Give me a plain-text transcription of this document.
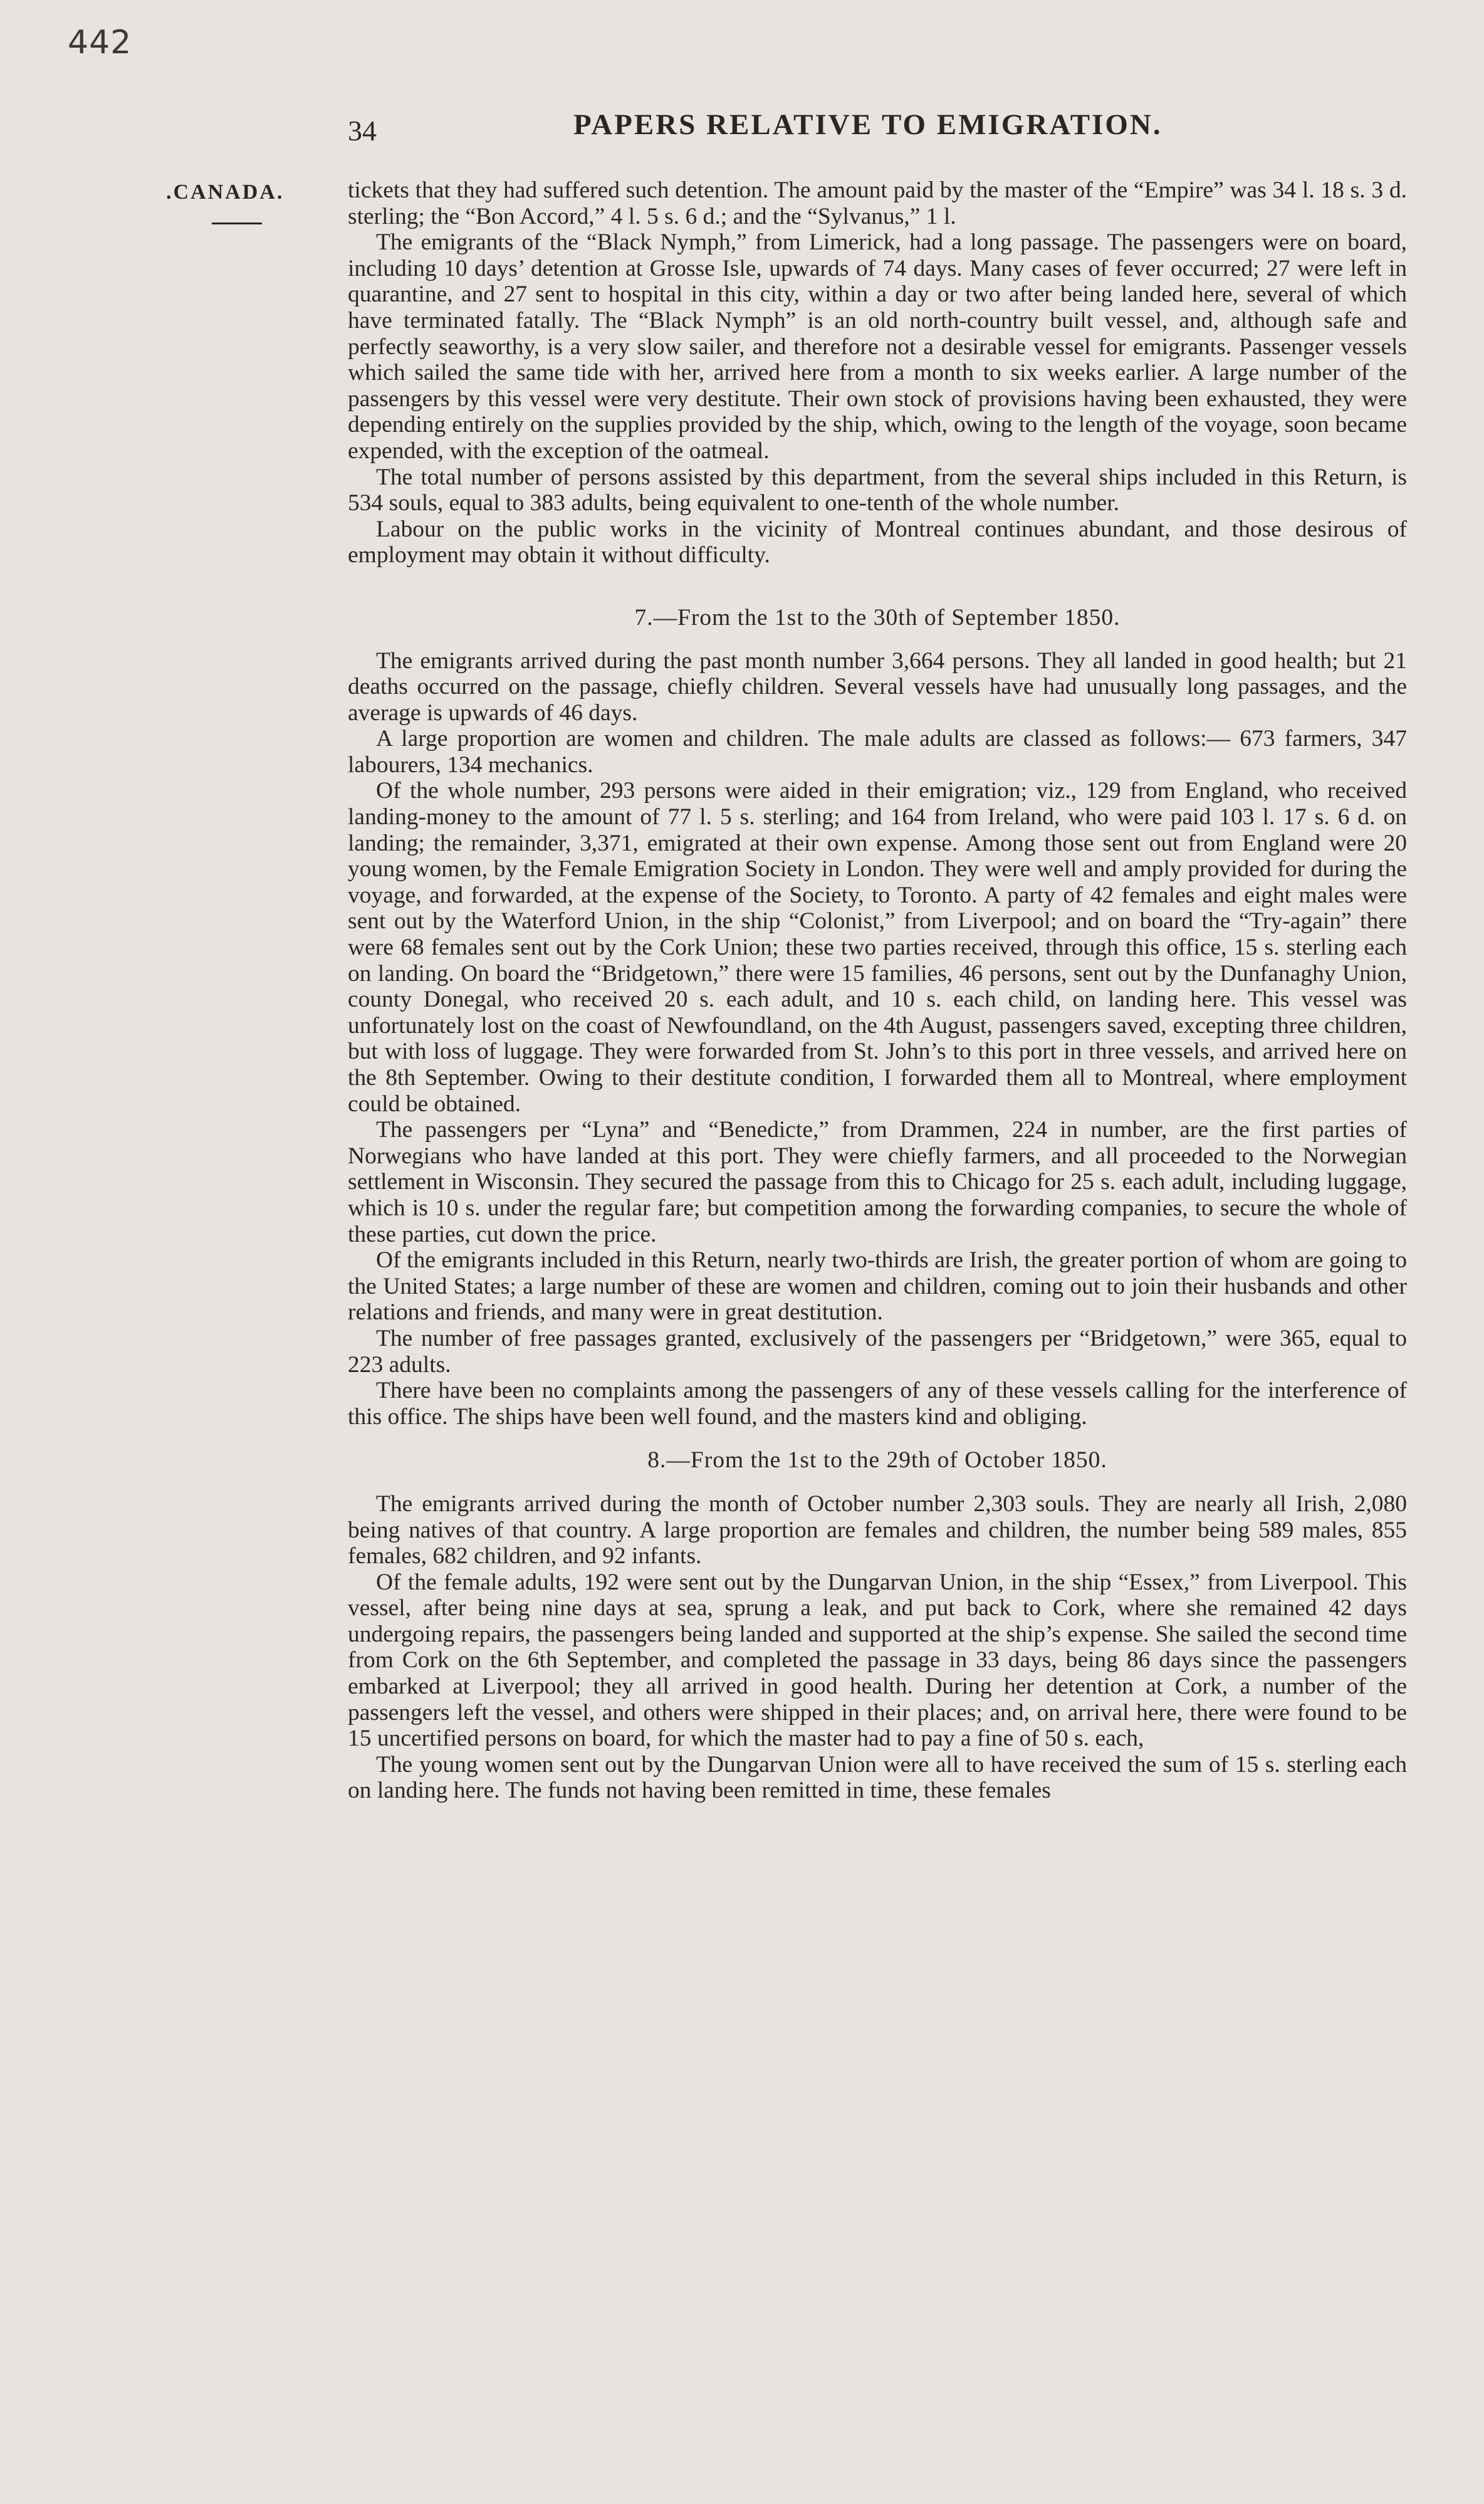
442
34	PAPERS RELATIVE TO EMIGRATION.
.CANADA.	tickets that they had suffered such detention. The amount paid by the master of the “Empire” was 34 l. 18 s. 3 d. sterling; the “Bon Accord,” 4 l. 5 s. 6 d.; and the “Sylvanus,” 1 l.

The emigrants of the “Black Nymph,” from Limerick, had a long passage. The passengers were on board, including 10 days’ detention at Grosse Isle, upwards of 74 days. Many cases of fever occurred; 27 were left in quarantine, and 27 sent to hospital in this city, within a day or two after being landed here, several of which have terminated fatally. The “Black Nymph” is an old north-country built vessel, and, although safe and perfectly seaworthy, is a very slow sailer, and therefore not a desirable vessel for emigrants. Passenger vessels which sailed the same tide with her, arrived here from a month to six weeks earlier. A large number of the passengers by this vessel were very destitute. Their own stock of provisions having been exhausted, they were depending entirely on the supplies provided by the ship, which, owing to the length of the voyage, soon became expended, with the exception of the oatmeal.

The total number of persons assisted by this department, from the several ships included in this Return, is 534 souls, equal to 383 adults, being equivalent to one-tenth of the whole number.

Labour on the public works in the vicinity of Montreal continues abundant, and those desirous of employment may obtain it without difficulty.

7.—From the 1st to the 30th of September 1850.

The emigrants arrived during the past month number 3,664 persons. They all landed in good health; but 21 deaths occurred on the passage, chiefly children. Several vessels have had unusually long passages, and the average is upwards of 46 days.

A large proportion are women and children. The male adults are classed as follows:— 673 farmers, 347 labourers, 134 mechanics.

Of the whole number, 293 persons were aided in their emigration; viz., 129 from England, who received landing-money to the amount of 77 l. 5 s. sterling; and 164 from Ireland, who were paid 103 l. 17 s. 6 d. on landing; the remainder, 3,371, emigrated at their own expense. Among those sent out from England were 20 young women, by the Female Emigration Society in London. They were well and amply provided for during the voyage, and forwarded, at the expense of the Society, to Toronto. A party of 42 females and eight males were sent out by the Waterford Union, in the ship “Colonist,” from Liverpool; and on board the “Try-again” there were 68 females sent out by the Cork Union; these two parties received, through this office, 15 s. sterling each on landing. On board the “Bridgetown,” there were 15 families, 46 persons, sent out by the Dunfanaghy Union, county Donegal, who received 20 s. each adult, and 10 s. each child, on landing here. This vessel was unfortunately lost on the coast of Newfoundland, on the 4th August, passengers saved, excepting three children, but with loss of luggage. They were forwarded from St. John’s to this port in three vessels, and arrived here on the 8th September. Owing to their destitute condition, I forwarded them all to Montreal, where employment could be obtained.

The passengers per “Lyna” and “Benedicte,” from Drammen, 224 in number, are the first parties of Norwegians who have landed at this port. They were chiefly farmers, and all proceeded to the Norwegian settlement in Wisconsin. They secured the passage from this to Chicago for 25 s. each adult, including luggage, which is 10 s. under the regular fare; but competition among the forwarding companies, to secure the whole of these parties, cut down the price.

Of the emigrants included in this Return, nearly two-thirds are Irish, the greater portion of whom are going to the United States; a large number of these are women and children, coming out to join their husbands and other relations and friends, and many were in great destitution.

The number of free passages granted, exclusively of the passengers per “Bridgetown,” were 365, equal to 223 adults.

There have been no complaints among the passengers of any of these vessels calling for the interference of this office. The ships have been well found, and the masters kind and obliging.

8.—From the 1st to the 29th of October 1850.

The emigrants arrived during the month of October number 2,303 souls. They are nearly all Irish, 2,080 being natives of that country. A large proportion are females and children, the number being 589 males, 855 females, 682 children, and 92 infants.

Of the female adults, 192 were sent out by the Dungarvan Union, in the ship “Essex,” from Liverpool. This vessel, after being nine days at sea, sprung a leak, and put back to Cork, where she remained 42 days undergoing repairs, the passengers being landed and supported at the ship’s expense. She sailed the second time from Cork on the 6th September, and completed the passage in 33 days, being 86 days since the passengers embarked at Liverpool; they all arrived in good health. During her detention at Cork, a number of the passengers left the vessel, and others were shipped in their places; and, on arrival here, there were found to be 15 uncertified persons on board, for which the master had to pay a fine of 50 s. each,

The young women sent out by the Dungarvan Union were all to have received the sum of 15 s. sterling each on landing here. The funds not having been remitted in time, these females
